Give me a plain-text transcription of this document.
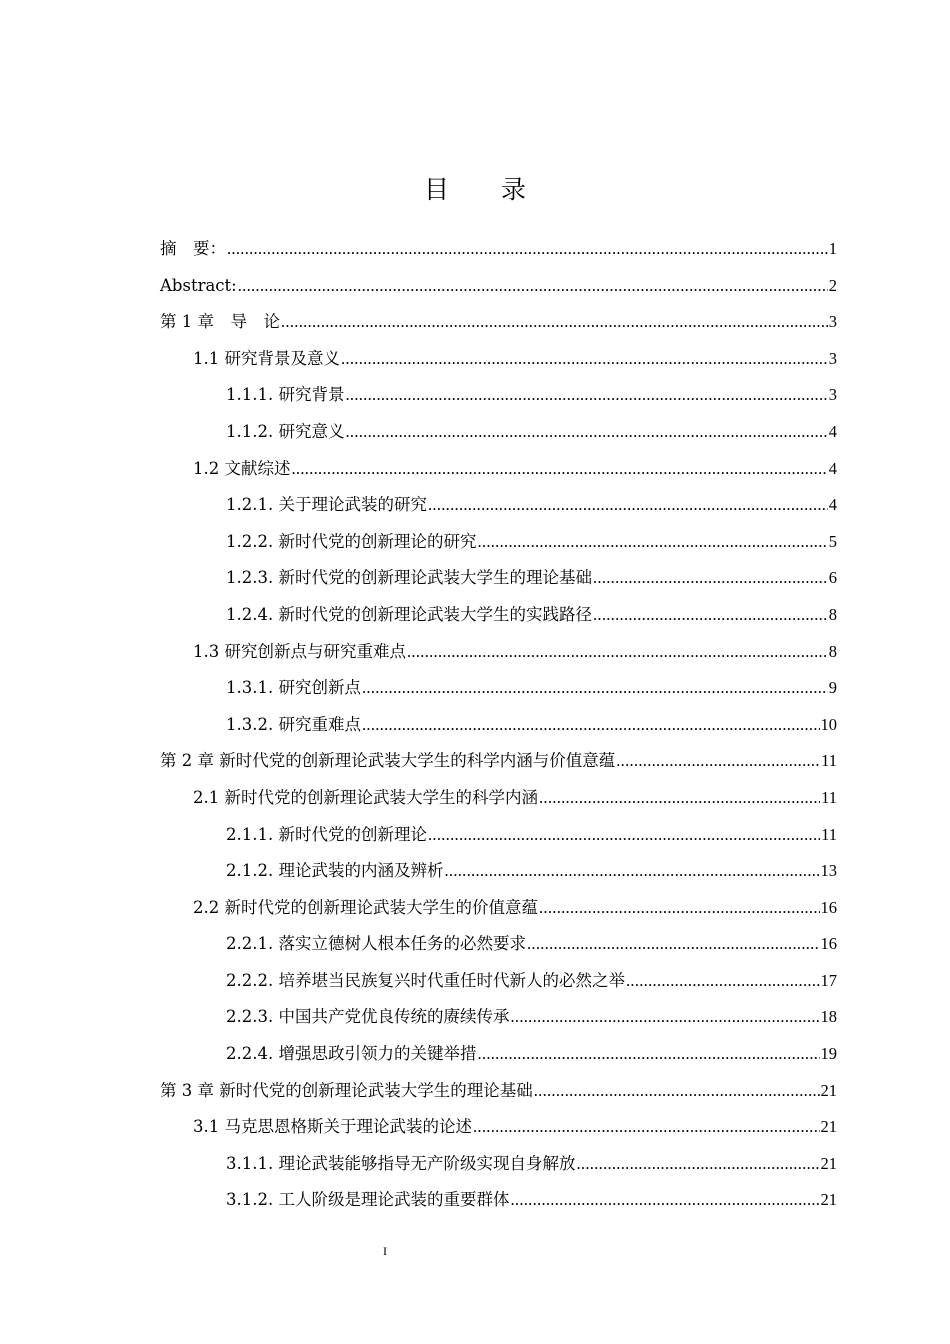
目 录
摘　要： .....	1
Abstract: .....	2
第 1 章　导　论 .....	3
1.1 研究背景及意义 .....	3
1.1.1. 研究背景 .....	3
1.1.2. 研究意义 .....	4
1.2 文献综述 .....	4
1.2.1. 关于理论武装的研究 .....	4
1.2.2. 新时代党的创新理论的研究 .....	5
1.2.3. 新时代党的创新理论武装大学生的理论基础 .....	6
1.2.4. 新时代党的创新理论武装大学生的实践路径 .....	8
1.3 研究创新点与研究重难点 .....	8
1.3.1. 研究创新点 .....	9
1.3.2. 研究重难点 .....	10
第 2 章 新时代党的创新理论武装大学生的科学内涵与价值意蕴 .....	11
2.1 新时代党的创新理论武装大学生的科学内涵 .....	11
2.1.1. 新时代党的创新理论 .....	11
2.1.2. 理论武装的内涵及辨析 .....	13
2.2 新时代党的创新理论武装大学生的价值意蕴 .....	16
2.2.1. 落实立德树人根本任务的必然要求 .....	16
2.2.2. 培养堪当民族复兴时代重任时代新人的必然之举 .....	17
2.2.3. 中国共产党优良传统的赓续传承 .....	18
2.2.4. 增强思政引领力的关键举措 .....	19
第 3 章 新时代党的创新理论武装大学生的理论基础 .....	21
3.1 马克思恩格斯关于理论武装的论述 .....	21
3.1.1. 理论武装能够指导无产阶级实现自身解放 .....	21
3.1.2. 工人阶级是理论武装的重要群体 .....	21
I
